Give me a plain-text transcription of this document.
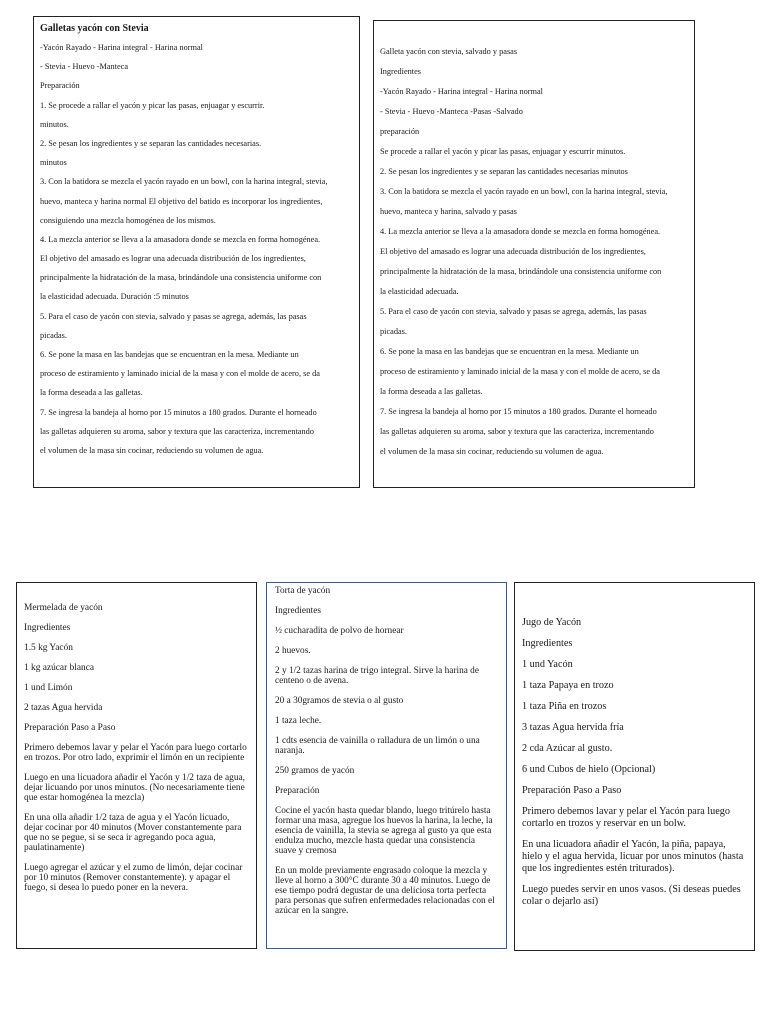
Galletas yacón con Stevia

-Yacón Rayado - Harina integral - Harina normal

- Stevia - Huevo -Manteca

Preparación

1. Se procede a rallar el yacón y picar las pasas, enjuagar y escurrir.

minutos.

2. Se pesan los ingredientes y se separan las cantidades necesarias.

minutos

3. Con la batidora se mezcla el yacón rayado en un bowl, con la harina integral, stevia,

huevo, manteca y harina normal El objetivo del batido es incorporar los ingredientes,

consiguiendo una mezcla homogénea de los mismos.

4. La mezcla anterior se lleva a la amasadora donde se mezcla en forma homogénea.

El objetivo del amasado es lograr una adecuada distribución de los ingredientes,

principalmente la hidratación de la masa, brindándole una consistencia uniforme con

la elasticidad adecuada. Duración :5 minutos

5. Para el caso de yacón con stevia, salvado y pasas se agrega, además, las pasas

picadas.

6. Se pone la masa en las bandejas que se encuentran en la mesa. Mediante un

proceso de estiramiento y laminado inicial de la masa y con el molde de acero, se da

la forma deseada a las galletas.

7. Se ingresa la bandeja al horno por 15 minutos a 180 grados. Durante el horneado

las galletas adquieren su aroma, sabor y textura que las caracteriza, incrementando

el volumen de la masa sin cocinar, reduciendo su volumen de agua.

Galleta yacón con stevia, salvado y pasas

Ingredientes

-Yacón Rayado - Harina integral - Harina normal

- Stevia - Huevo -Manteca -Pasas -Salvado

preparación

Se procede a rallar el yacón y picar las pasas, enjuagar y escurrir minutos.

2. Se pesan los ingredientes y se separan las cantidades necesarias minutos

3. Con la batidora se mezcla el yacón rayado en un bowl, con la harina integral, stevia,

huevo, manteca y harina, salvado y pasas

4. La mezcla anterior se lleva a la amasadora donde se mezcla en forma homogénea.

El objetivo del amasado es lograr una adecuada distribución de los ingredientes,

principalmente la hidratación de la masa, brindándole una consistencia uniforme con

la elasticidad adecuada.

5. Para el caso de yacón con stevia, salvado y pasas se agrega, además, las pasas

picadas.

6. Se pone la masa en las bandejas que se encuentran en la mesa. Mediante un

proceso de estiramiento y laminado inicial de la masa y con el molde de acero, se da

la forma deseada a las galletas.

7. Se ingresa la bandeja al horno por 15 minutos a 180 grados. Durante el horneado

las galletas adquieren su aroma, sabor y textura que las caracteriza, incrementando

el volumen de la masa sin cocinar, reduciendo su volumen de agua.

Mermelada de yacón

Ingredientes

1.5 kg Yacón

1 kg azúcar blanca

1 und Limón

2 tazas Agua hervida

Preparación Paso a Paso

Primero debemos lavar y pelar el Yacón para luego cortarlo en trozos. Por otro lado, exprimir el limón en un recipiente

Luego en una licuadora añadir el Yacón y 1/2 taza de agua, dejar licuando por unos minutos. (No necesariamente tiene que estar homogénea la mezcla)

En una olla añadir 1/2 taza de agua y el Yacón licuado, dejar cocinar por 40 minutos (Mover constantemente para que no se pegue, si se seca ir agregando poca agua, paulatinamente)

Luego agregar el azúcar y el zumo de limón, dejar cocinar por 10 minutos (Remover constantemente). y apagar el fuego, si desea lo puedo poner en la nevera.

Torta de yacón

Ingredientes

½ cucharadita de polvo de hornear

2 huevos.

2 y 1/2 tazas harina de trigo integral. Sirve la harina de centeno o de avena.

20 a 30gramos de stevia o al gusto

1 taza leche.

1 cdts esencia de vainilla o ralladura de un limón o una naranja.

250 gramos de yacón

Preparación

Cocine el yacón hasta quedar blando, luego tritúrelo hasta formar una masa, agregue los huevos la harina, la leche, la esencia de vainilla, la stevia se agrega al gusto ya que esta endulza mucho, mezcle hasta quedar una consistencia suave y cremosa

En un molde previamente engrasado coloque la mezcla y lleve al horno a 300°C durante 30 a 40 minutos. Luego de ese tiempo podrá degustar de una deliciosa torta perfecta para personas que sufren enfermedades relacionadas con el azúcar en la sangre.

Jugo de Yacón

Ingredientes

1 und Yacón

1 taza Papaya en trozo

1 taza Piña en trozos

3 tazas Agua hervida fría

2 cda Azúcar al gusto.

6 und Cubos de hielo (Opcional)

Preparación Paso a Paso

Primero debemos lavar y pelar el Yacón para luego cortarlo en trozos y reservar en un bolw.

En una licuadora añadir el Yacón, la piña, papaya, hielo y el agua hervida, licuar por unos minutos (hasta que los ingredientes estén triturados).

Luego puedes servir en unos vasos. (Si deseas puedes colar o dejarlo así)
